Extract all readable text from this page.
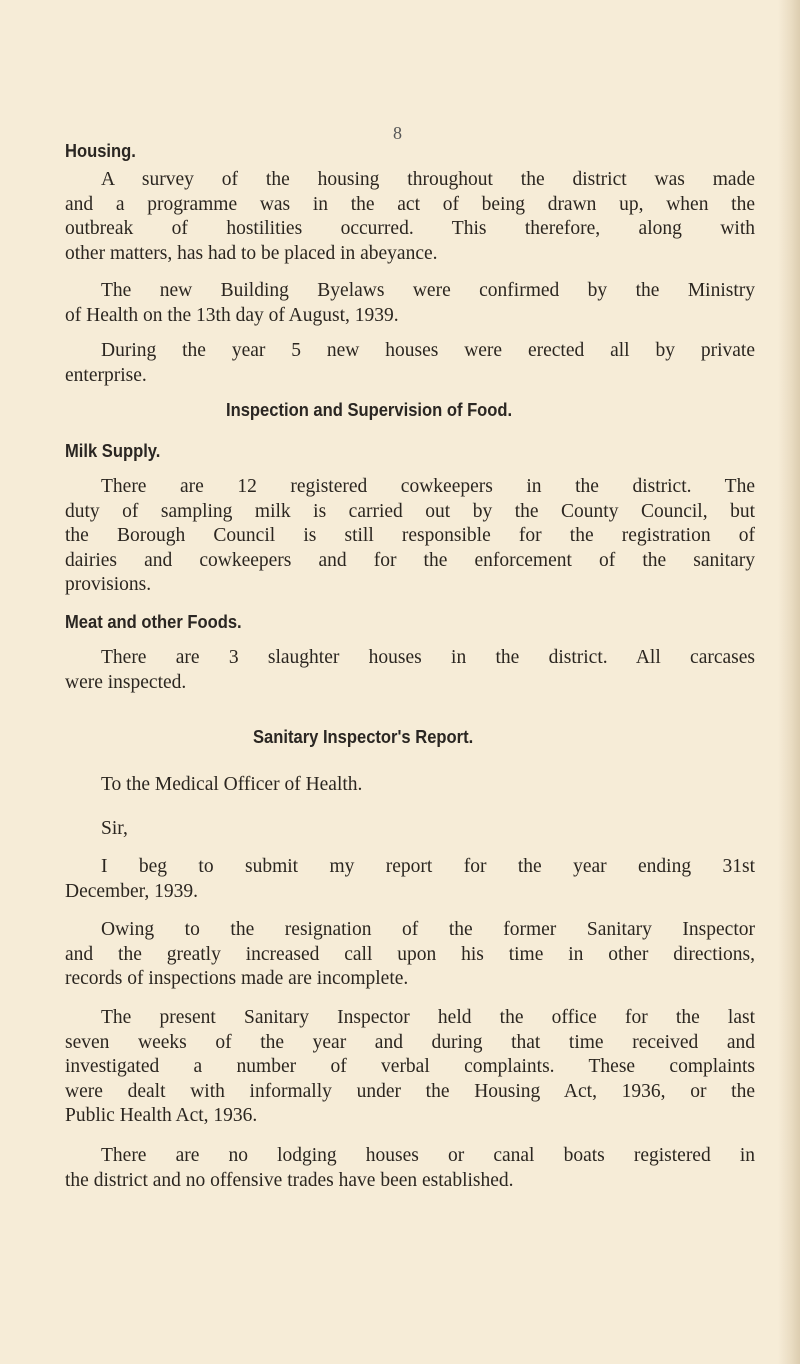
8
Housing.
Inspection and Supervision of Food.
Milk Supply.
Meat and other Foods.
Sanitary Inspector's Report.
A survey of the housing throughout the district was made
and a programme was in the act of being drawn up, when the
outbreak of hostilities occurred. This therefore, along with
other matters, has had to be placed in abeyance.
The new Building Byelaws were confirmed by the Ministry
of Health on the 13th day of August, 1939.
During the year 5 new houses were erected all by private
enterprise.
There are 12 registered cowkeepers in the district. The
duty of sampling milk is carried out by the County Council, but
the Borough Council is still responsible for the registration of
dairies and cowkeepers and for the enforcement of the sanitary
provisions.
There are 3 slaughter houses in the district. All carcases
were inspected.
To the Medical Officer of Health.
Sir,
I beg to submit my report for the year ending 31st
December, 1939.
Owing to the resignation of the former Sanitary Inspector
and the greatly increased call upon his time in other directions,
records of inspections made are incomplete.
The present Sanitary Inspector held the office for the last
seven weeks of the year and during that time received and
investigated a number of verbal complaints. These complaints
were dealt with informally under the Housing Act, 1936, or the
Public Health Act, 1936.
There are no lodging houses or canal boats registered in
the district and no offensive trades have been established.
